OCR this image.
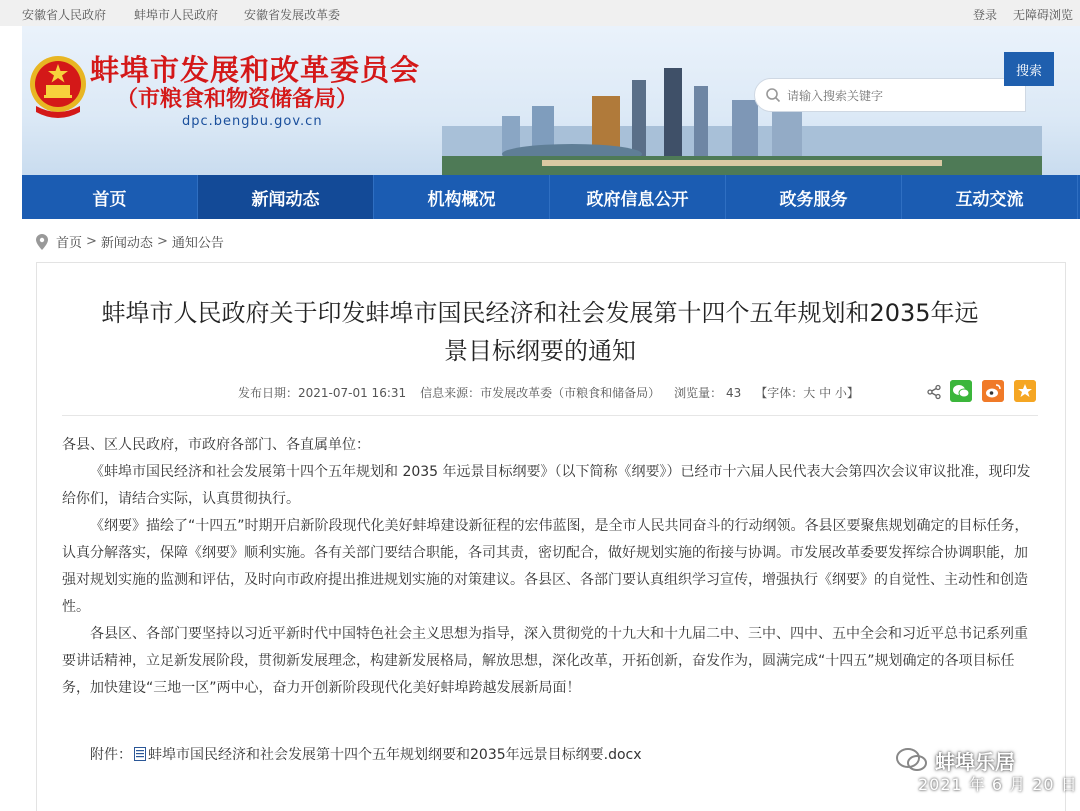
安徽省人民政府 蚌埠市人民政府 安徽省发展改革委	登录 无障碍浏览
蚌埠市发展和改革委员会
（市粮食和物资储备局）
dpc.bengbu.gov.cn
请输入搜索关键字
搜索
首页	新闻动态	机构概况	政府信息公开	政务服务	互动交流
首页 > 新闻动态 > 通知公告
蚌埠市人民政府关于印发蚌埠市国民经济和社会发展第十四个五年规划和2035年远
景目标纲要的通知
发布日期：2021-07-01 16:31 信息来源：市发展改革委（市粮食和储备局） 浏览量： 43 【字体：大 中 小】

各县、区人民政府，市政府各部门、各直属单位：

《蚌埠市国民经济和社会发展第十四个五年规划和 2035 年远景目标纲要》（以下简称《纲要》）已经市十六届人民代表大会第四次会议审议批准，现印发给你们，请结合实际，认真贯彻执行。

《纲要》描绘了“十四五”时期开启新阶段现代化美好蚌埠建设新征程的宏伟蓝图，是全市人民共同奋斗的行动纲领。各县区要聚焦规划确定的目标任务，认真分解落实，保障《纲要》顺利实施。各有关部门要结合职能，各司其责，密切配合，做好规划实施的衔接与协调。市发展改革委要发挥综合协调职能，加强对规划实施的监测和评估，及时向市政府提出推进规划实施的对策建议。各县区、各部门要认真组织学习宣传，增强执行《纲要》的自觉性、主动性和创造性。

各县区、各部门要坚持以习近平新时代中国特色社会主义思想为指导，深入贯彻党的十九大和十九届二中、三中、四中、五中全会和习近平总书记系列重要讲话精神，立足新发展阶段，贯彻新发展理念，构建新发展格局，解放思想，深化改革，开拓创新，奋发作为，圆满完成“十四五”规划确定的各项目标任务，加快建设“三地一区”两中心，奋力开创新阶段现代化美好蚌埠跨越发展新局面！

附件： 蚌埠市国民经济和社会发展第十四个五年规划纲要和2035年远景目标纲要.docx	蚌埠乐居
2021 年 6 月 20 日
